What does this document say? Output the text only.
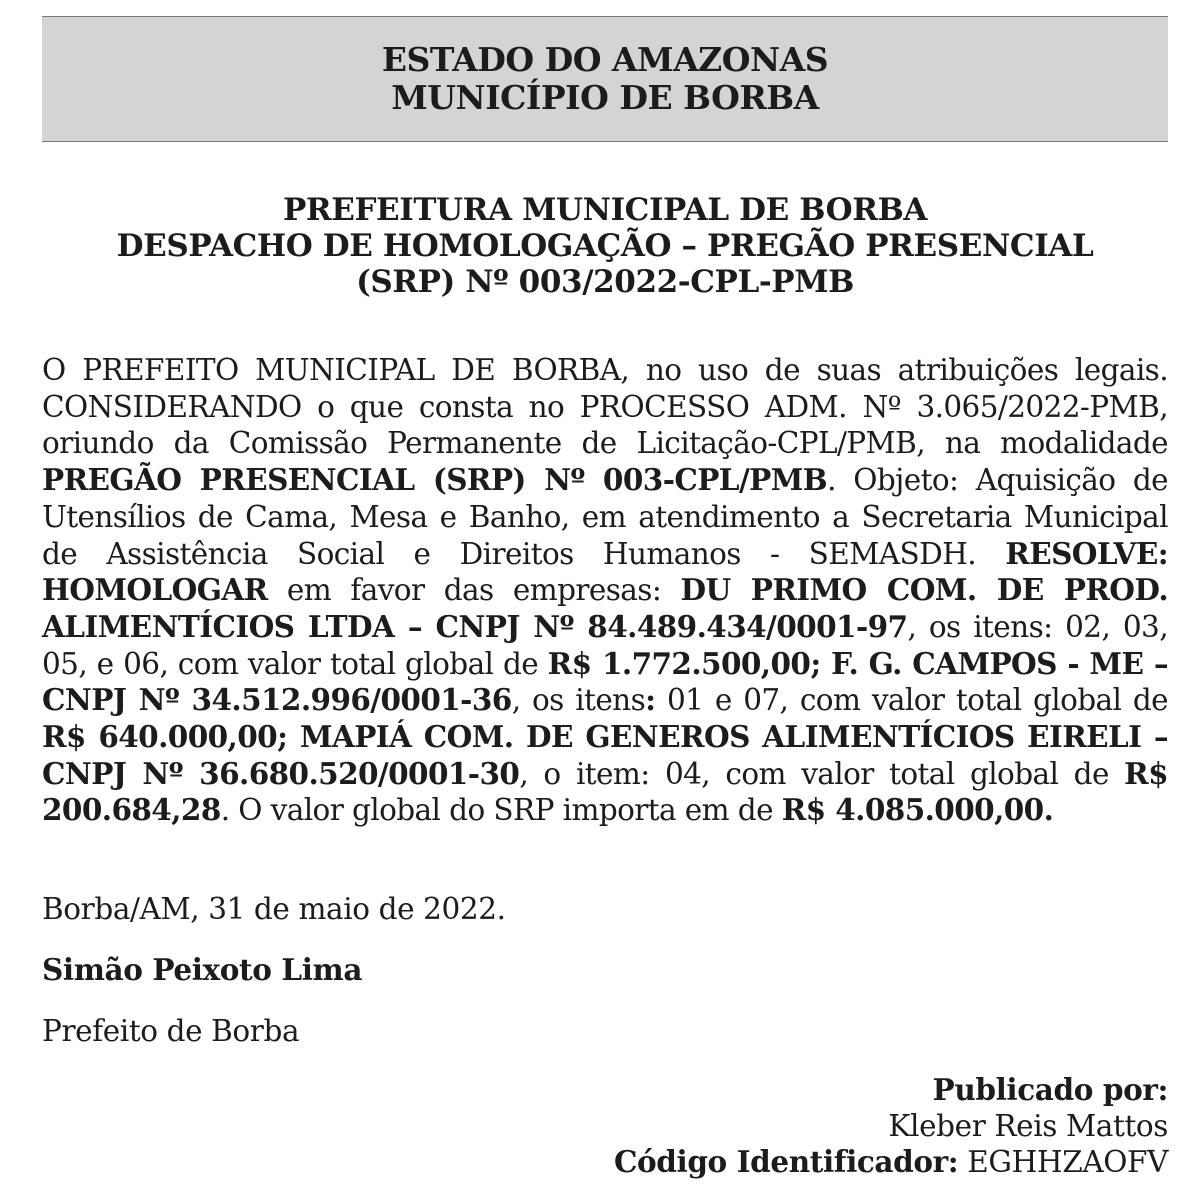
ESTADO DO AMAZONAS
MUNICÍPIO DE BORBA
PREFEITURA MUNICIPAL DE BORBA
DESPACHO DE HOMOLOGAÇÃO – PREGÃO PRESENCIAL
(SRP) Nº 003/2022-CPL-PMB
O PREFEITO MUNICIPAL DE BORBA, no uso de suas atribuições legais. CONSIDERANDO o que consta no PROCESSO ADM. Nº 3.065/2022-PMB, oriundo da Comissão Permanente de Licitação-CPL/PMB, na modalidade PREGÃO PRESENCIAL (SRP) Nº 003-CPL/PMB. Objeto: Aquisição de Utensílios de Cama, Mesa e Banho, em atendimento a Secretaria Municipal de Assistência Social e Direitos Humanos - SEMASDH. RESOLVE: HOMOLOGAR em favor das empresas: DU PRIMO COM. DE PROD. ALIMENTÍCIOS LTDA – CNPJ Nº 84.489.434/0001-97, os itens: 02, 03, 05, e 06, com valor total global de R$ 1.772.500,00; F. G. CAMPOS - ME – CNPJ Nº 34.512.996/0001-36, os itens: 01 e 07, com valor total global de R$ 640.000,00; MAPIÁ COM. DE GENEROS ALIMENTÍCIOS EIRELI – CNPJ Nº 36.680.520/0001-30, o item: 04, com valor total global de R$ 200.684,28. O valor global do SRP importa em de R$ 4.085.000,00.
Borba/AM, 31 de maio de 2022.
Simão Peixoto Lima
Prefeito de Borba
Publicado por:
Kleber Reis Mattos
Código Identificador: EGHHZAOFV
